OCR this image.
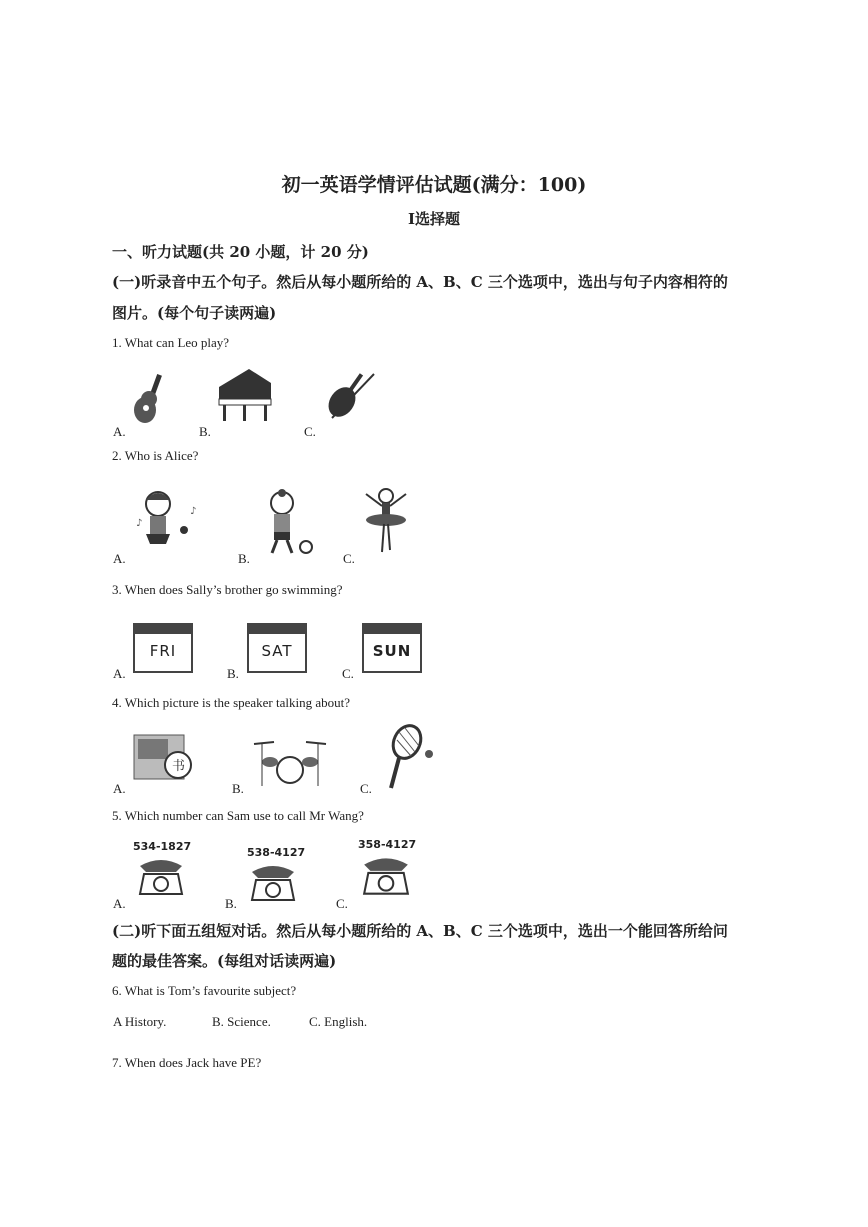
初一英语学情评估试题(满分：100)
Ⅰ选择题
一、听力试题(共 20 小题，计 20 分)
(一)听录音中五个句子。然后从每小题所给的 A、B、C 三个选项中，选出与句子内容相符的
图片。(每个句子读两遍)
1. What can Leo play?
A.	B.	C.
2. Who is Alice?
♪
♪
A.	B.	C.
3. When does Sally’s brother go swimming?
FRI	SAT	SUN
A.	B.	C.
4. Which picture is the speaker talking about?
书
A.	B.	C.
5. Which number can Sam use to call Mr Wang?
534-1827	538-4127
358-4127
A.	B.	C.
(二)听下面五组短对话。然后从每小题所给的 A、B、C 三个选项中，选出一个能回答所给问
题的最佳答案。(每组对话读两遍)
6. What is Tom’s favourite subject?
A History.	B. Science.	C. English.
7. When does Jack have PE?
